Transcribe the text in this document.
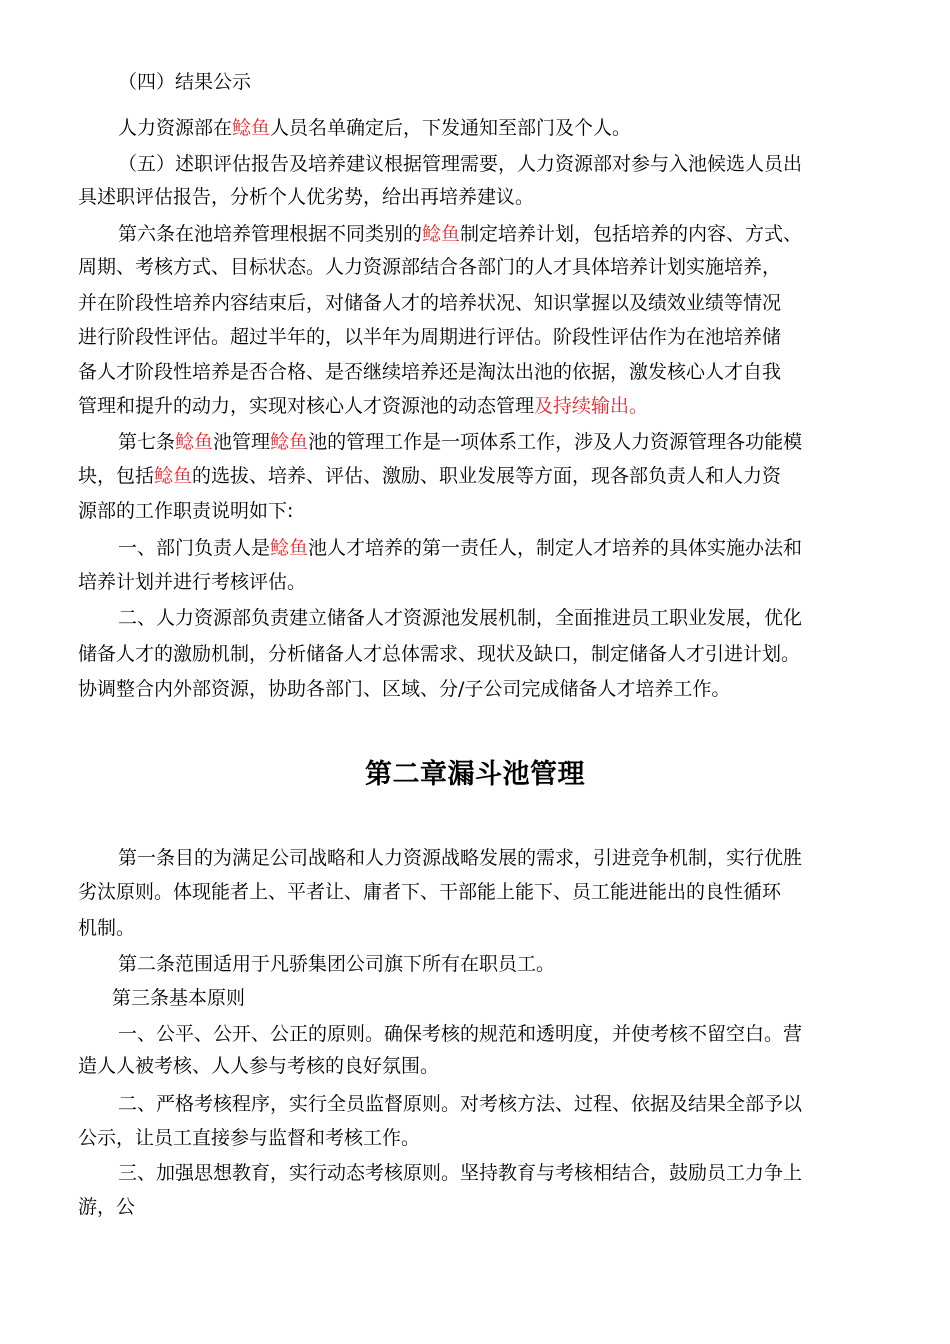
（四）结果公示

人力资源部在鲶鱼人员名单确定后，下发通知至部门及个人。

（五）述职评估报告及培养建议根据管理需要，人力资源部对参与入池候选人员出

具述职评估报告，分析个人优劣势，给出再培养建议。

第六条在池培养管理根据不同类别的鲶鱼制定培养计划，包括培养的内容、方式、

周期、考核方式、目标状态。人力资源部结合各部门的人才具体培养计划实施培养，

并在阶段性培养内容结束后，对储备人才的培养状况、知识掌握以及绩效业绩等情况

进行阶段性评估。超过半年的，以半年为周期进行评估。阶段性评估作为在池培养储

备人才阶段性培养是否合格、是否继续培养还是淘汰出池的依据，激发核心人才自我

管理和提升的动力，实现对核心人才资源池的动态管理及持续输出。

第七条鲶鱼池管理鲶鱼池的管理工作是一项体系工作，涉及人力资源管理各功能模

块，包括鲶鱼的选拔、培养、评估、激励、职业发展等方面，现各部负责人和人力资

源部的工作职责说明如下:

一、部门负责人是鲶鱼池人才培养的第一责任人，制定人才培养的具体实施办法和

培养计划并进行考核评估。

二、人力资源部负责建立储备人才资源池发展机制，全面推进员工职业发展，优化

储备人才的激励机制，分析储备人才总体需求、现状及缺口，制定储备人才引进计划。

协调整合内外部资源，协助各部门、区域、分/子公司完成储备人才培养工作。

第二章漏斗池管理

第一条目的为满足公司战略和人力资源战略发展的需求，引进竞争机制，实行优胜

劣汰原则。体现能者上、平者让、庸者下、干部能上能下、员工能进能出的良性循环

机制。

第二条范围适用于凡骄集团公司旗下所有在职员工。

第三条基本原则

一、公平、公开、公正的原则。确保考核的规范和透明度，并使考核不留空白。营

造人人被考核、人人参与考核的良好氛围。

二、严格考核程序，实行全员监督原则。对考核方法、过程、依据及结果全部予以

公示，让员工直接参与监督和考核工作。

三、加强思想教育，实行动态考核原则。坚持教育与考核相结合，鼓励员工力争上

游，公
